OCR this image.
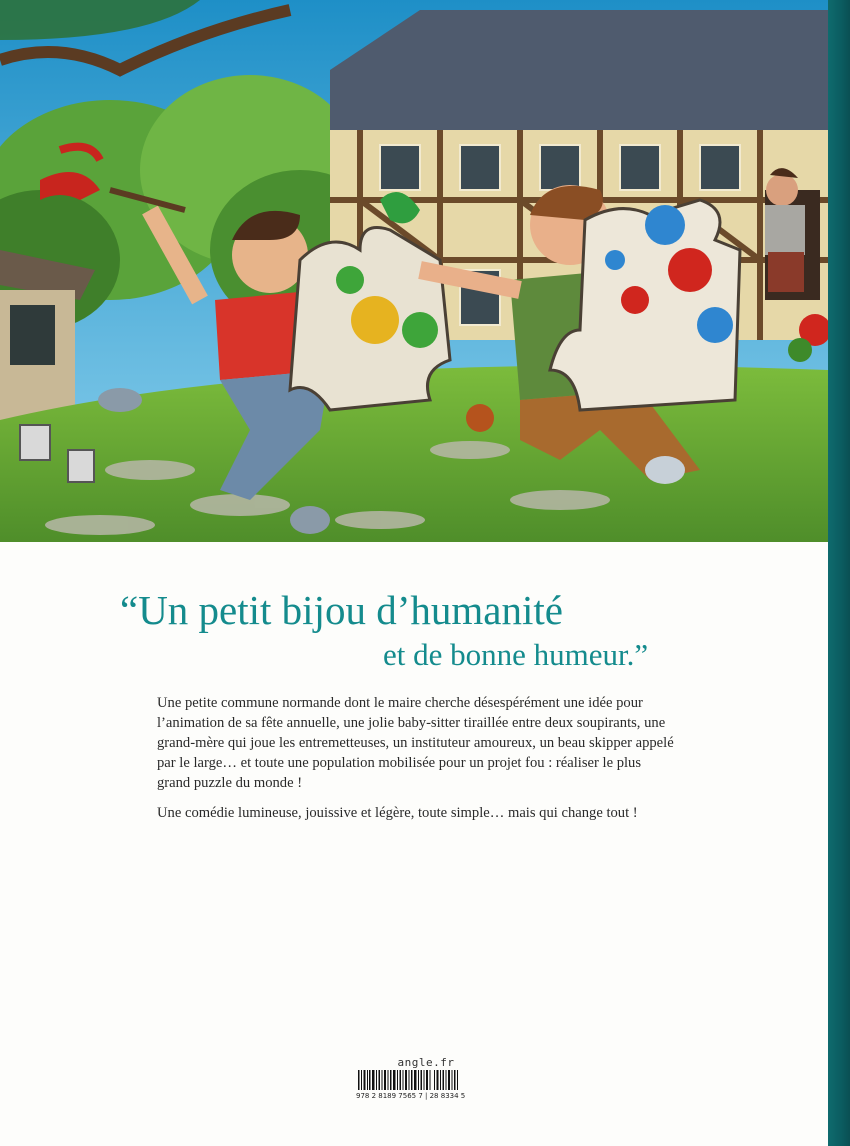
“Un petit bijou d’humanité
et de bonne humeur.”

Une petite commune normande dont le maire cherche désespérément une idée pour l’animation de sa fête annuelle, une jolie baby-sitter tiraillée entre deux soupirants, une grand-mère qui joue les entremetteuses, un instituteur amoureux, un beau skipper appelé par le large… et toute une population mobilisée pour un projet fou : réaliser le plus grand puzzle du monde !

Une comédie lumineuse, jouissive et légère, toute simple… mais qui change tout !

angle.fr
978 2 8189 7565 7 | 28 8334 5
